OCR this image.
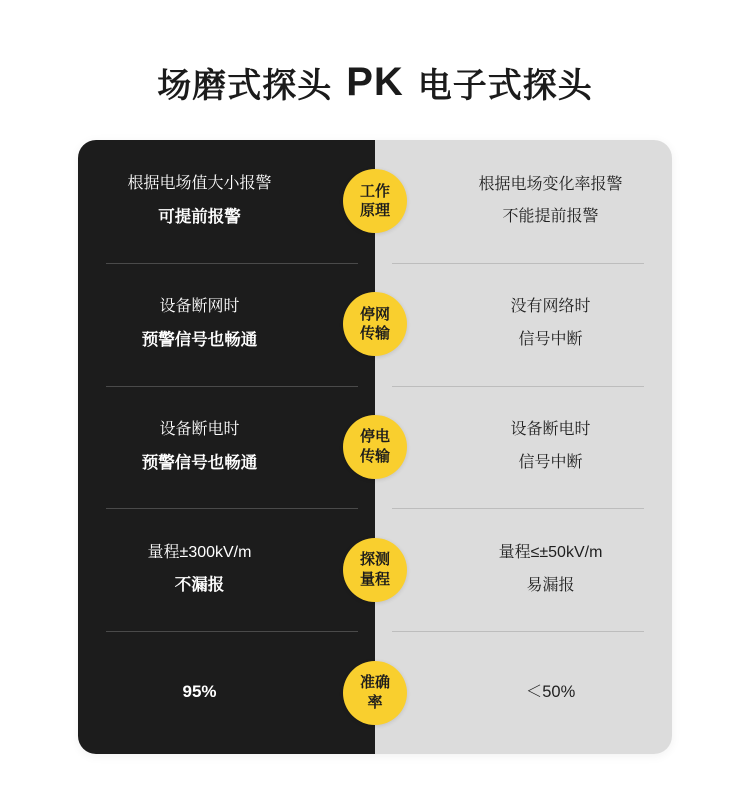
场磨式探头 PK 电子式探头
根据电场值大小报警
可提前报警
根据电场变化率报警
不能提前报警
工作
原理
设备断网时
预警信号也畅通
没有网络时
信号中断
停网
传输
设备断电时
预警信号也畅通
设备断电时
信号中断
停电
传输
量程±300kV/m
不漏报
量程≤±50kV/m
易漏报
探测
量程
95%	＜50%
准确
率
